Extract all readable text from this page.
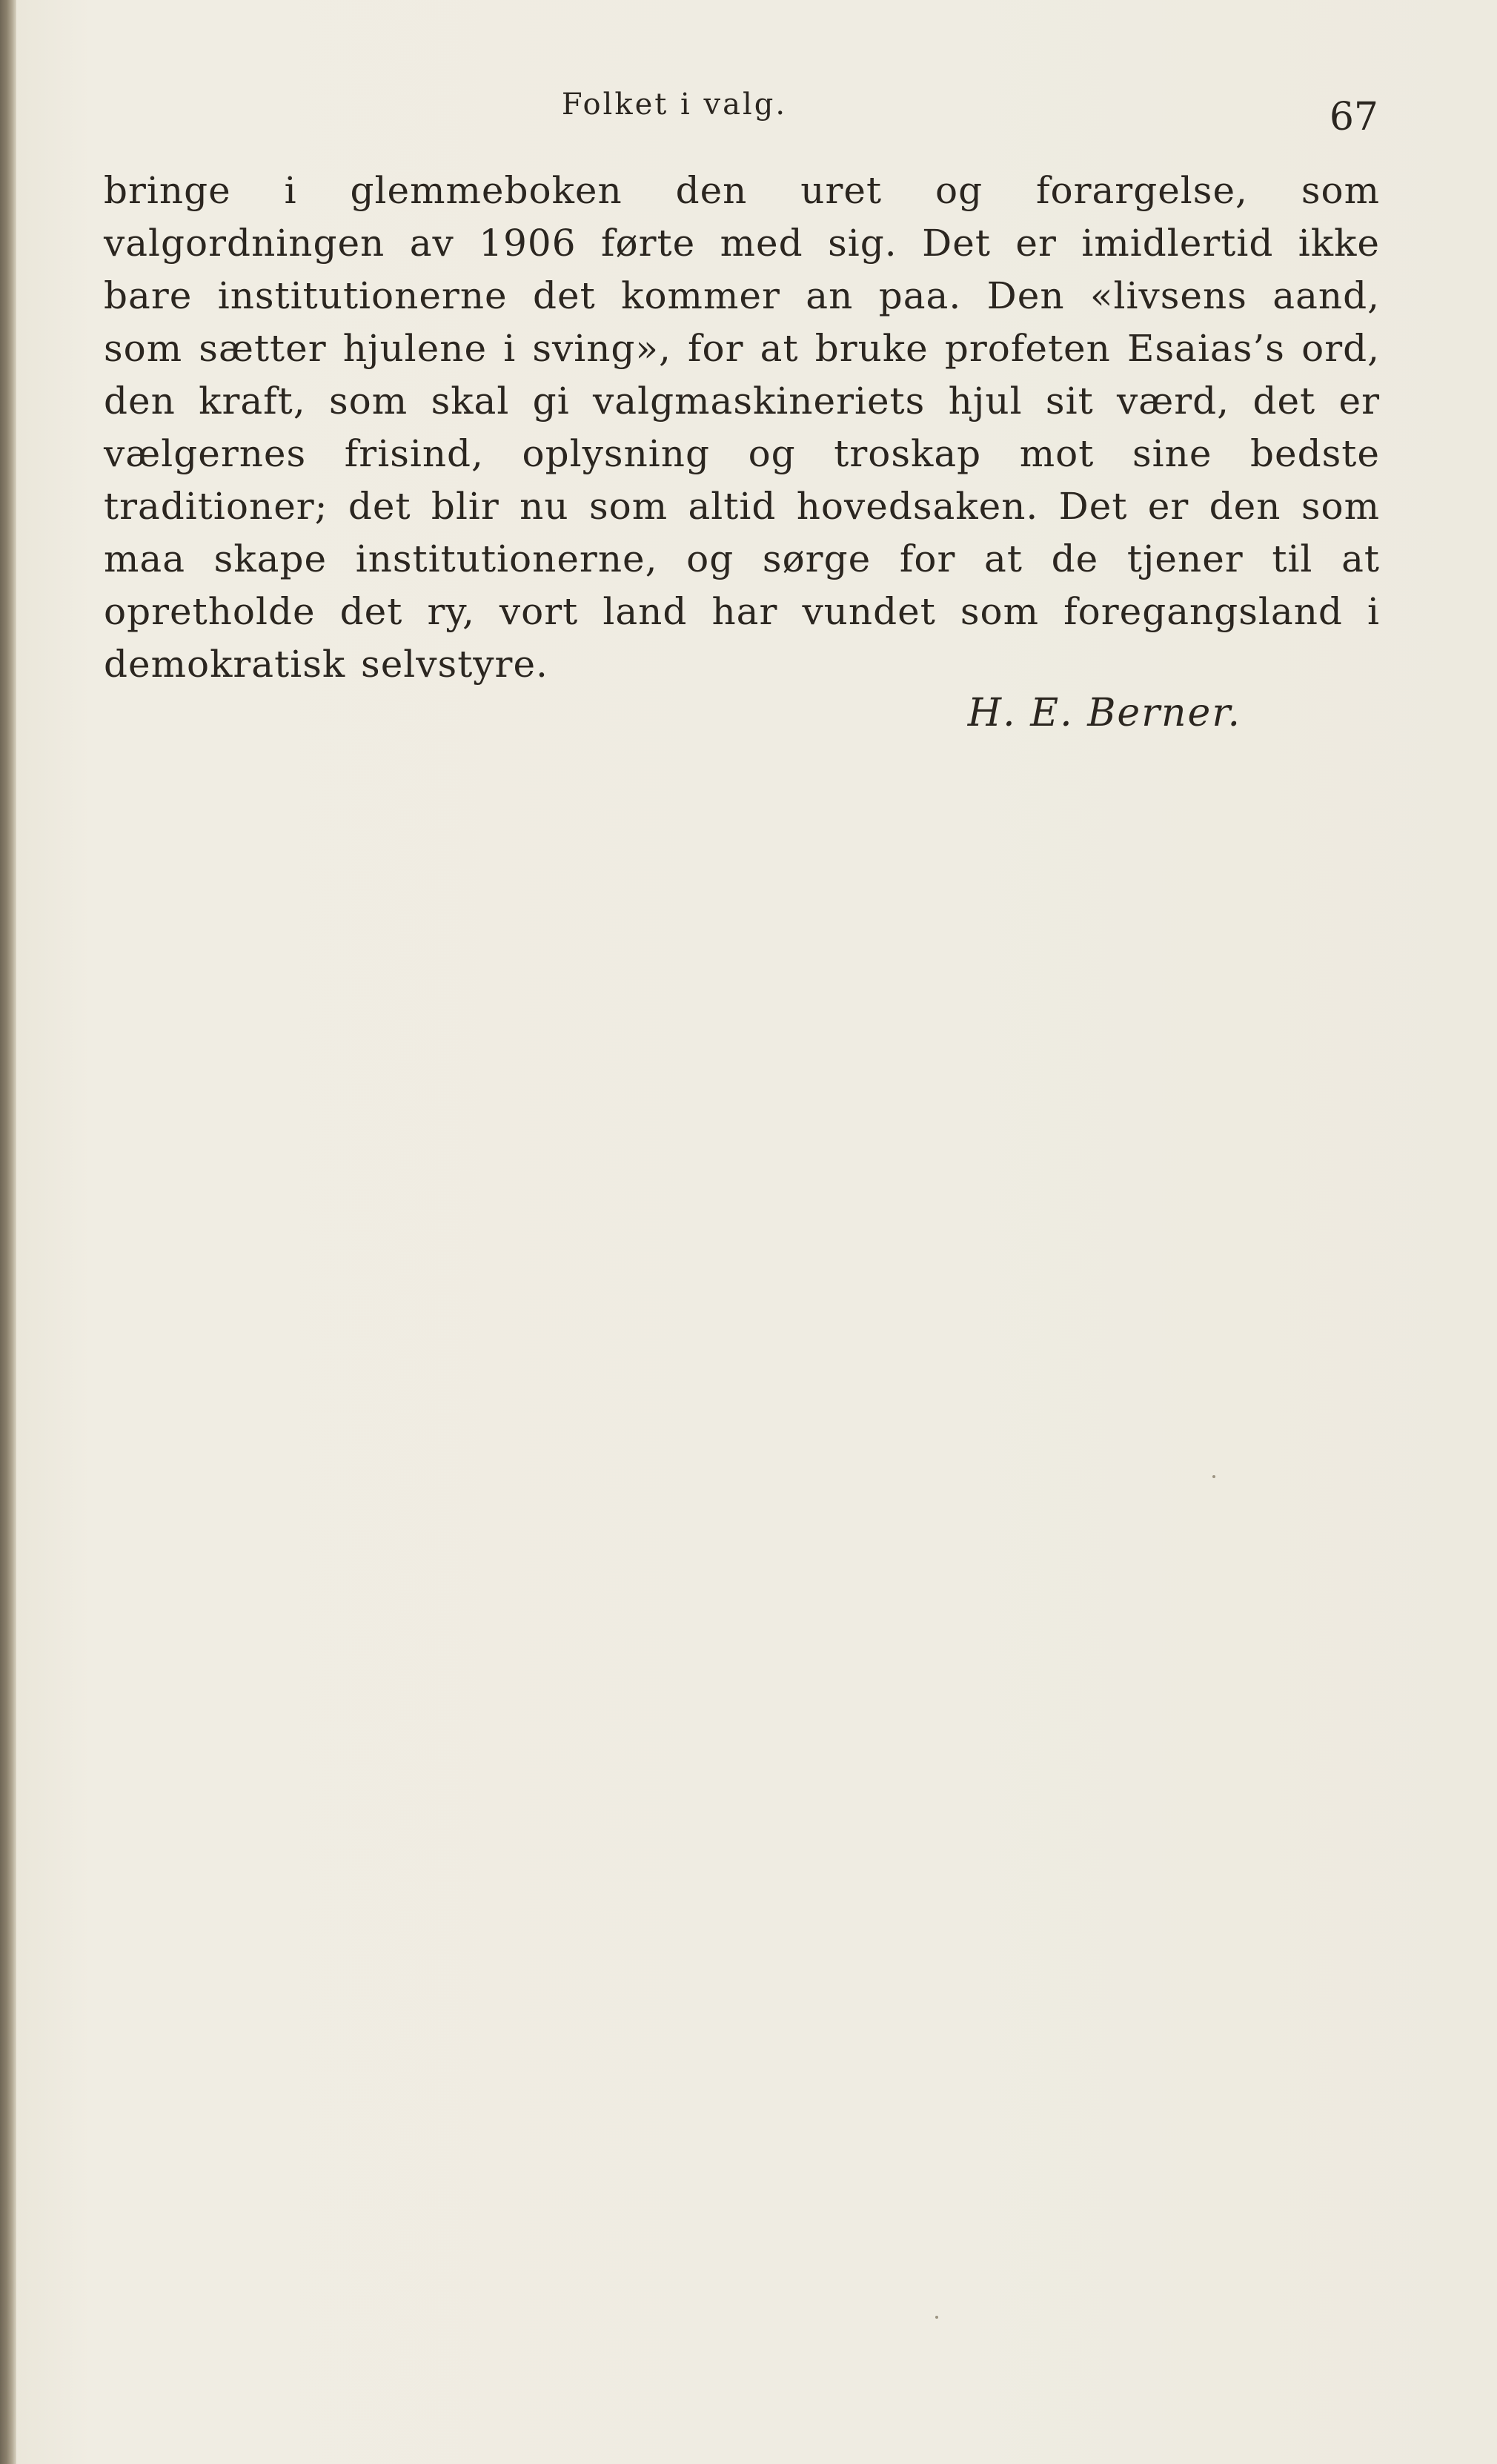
Folket i valg.	67

bringe i glemmeboken den uret og forargelse, som valgordningen av 1906 førte med sig. Det er imidlertid ikke bare institutionerne det kommer an paa. Den «livsens aand, som sætter hjulene i sving», for at bruke profeten Esaias’s ord, den kraft, som skal gi valgmaskineriets hjul sit værd, det er vælgernes frisind, oplysning og troskap mot sine bedste traditioner; det blir nu som altid hovedsaken. Det er den som maa skape institutionerne, og sørge for at de tjener til at opretholde det ry, vort land har vundet som foregangsland i demokratisk selvstyre.

H. E. Berner.
